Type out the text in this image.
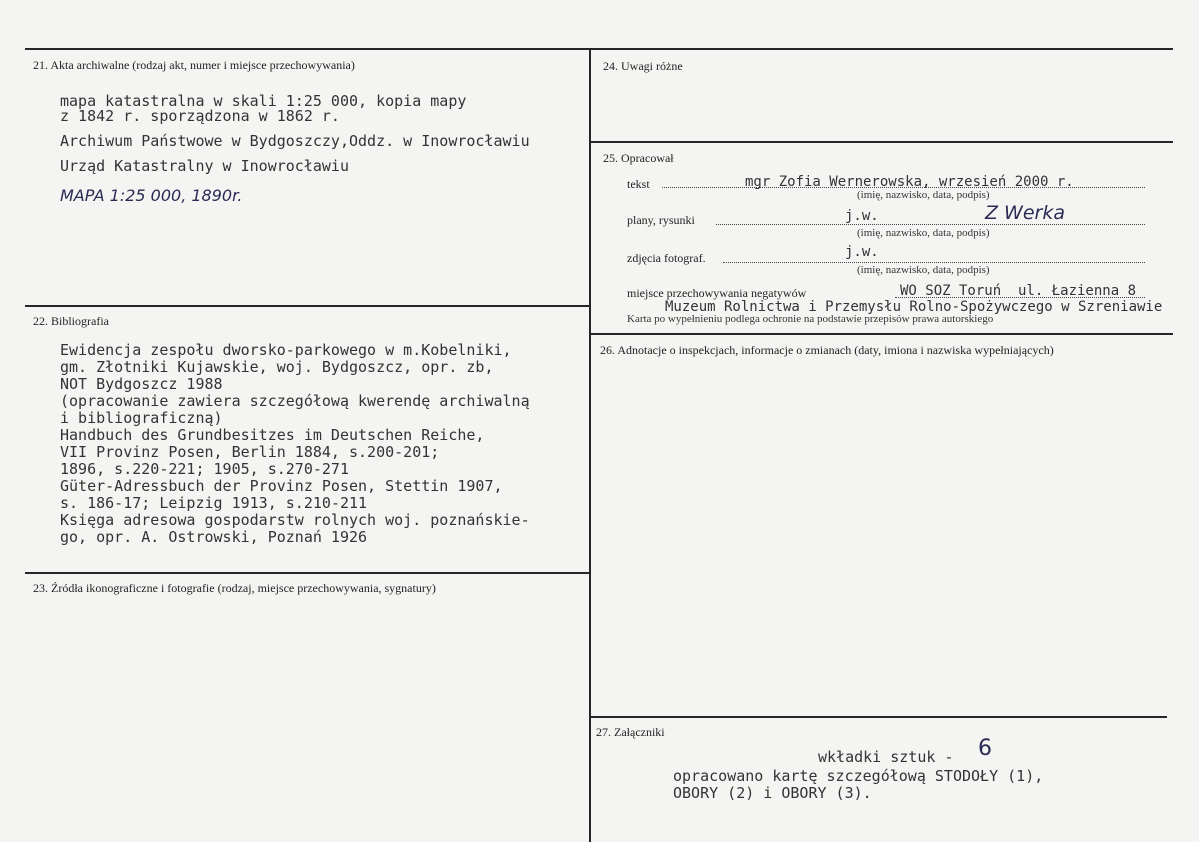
21. Akta archiwalne (rodzaj akt, numer i miejsce przechowywania)
mapa katastralna w skali 1:25 000, kopia mapy
z 1842 r. sporządzona w 1862 r.
Archiwum Państwowe w Bydgoszczy,Oddz. w Inowrocławiu
Urząd Katastralny w Inowrocławiu
MAPA 1:25 000, 1890r.
22. Bibliografia
Ewidencja zespołu dworsko-parkowego w m.Kobelniki,
gm. Złotniki Kujawskie, woj. Bydgoszcz, opr. zb,
NOT Bydgoszcz 1988
(opracowanie zawiera szczegółową kwerendę archiwalną
i bibliograficzną)
Handbuch des Grundbesitzes im Deutschen Reiche,
VII Provinz Posen, Berlin 1884, s.200-201;
1896, s.220-221; 1905, s.270-271
Güter-Adressbuch der Provinz Posen, Stettin 1907,
s. 186-17; Leipzig 1913, s.210-211
Księga adresowa gospodarstw rolnych woj. poznańskie-
go, opr. A. Ostrowski, Poznań 1926
23. Źródła ikonograficzne i fotografie (rodzaj, miejsce przechowywania, sygnatury)
24. Uwagi różne
25. Opracował
tekst	mgr Zofia Wernerowska, wrzesień 2000 r.
(imię, nazwisko, data, podpis)
plany, rysunki	j.w.	Z Werka
(imię, nazwisko, data, podpis)
zdjęcia fotograf.	j.w.
(imię, nazwisko, data, podpis)
miejsce przechowywania negatywów	WO SOZ Toruń  ul. Łazienna 8
Muzeum Rolnictwa i Przemysłu Rolno-Spożywczego w Szreniawie
Karta po wypełnieniu podlega ochronie na podstawie przepisów prawa autorskiego
26. Adnotacje o inspekcjach, informacje o zmianach (daty, imiona i nazwiska wypełniających)
27. Załączniki
wkładki sztuk - 6
opracowano kartę szczegółową STODOŁY (1),
OBORY (2) i OBORY (3).
